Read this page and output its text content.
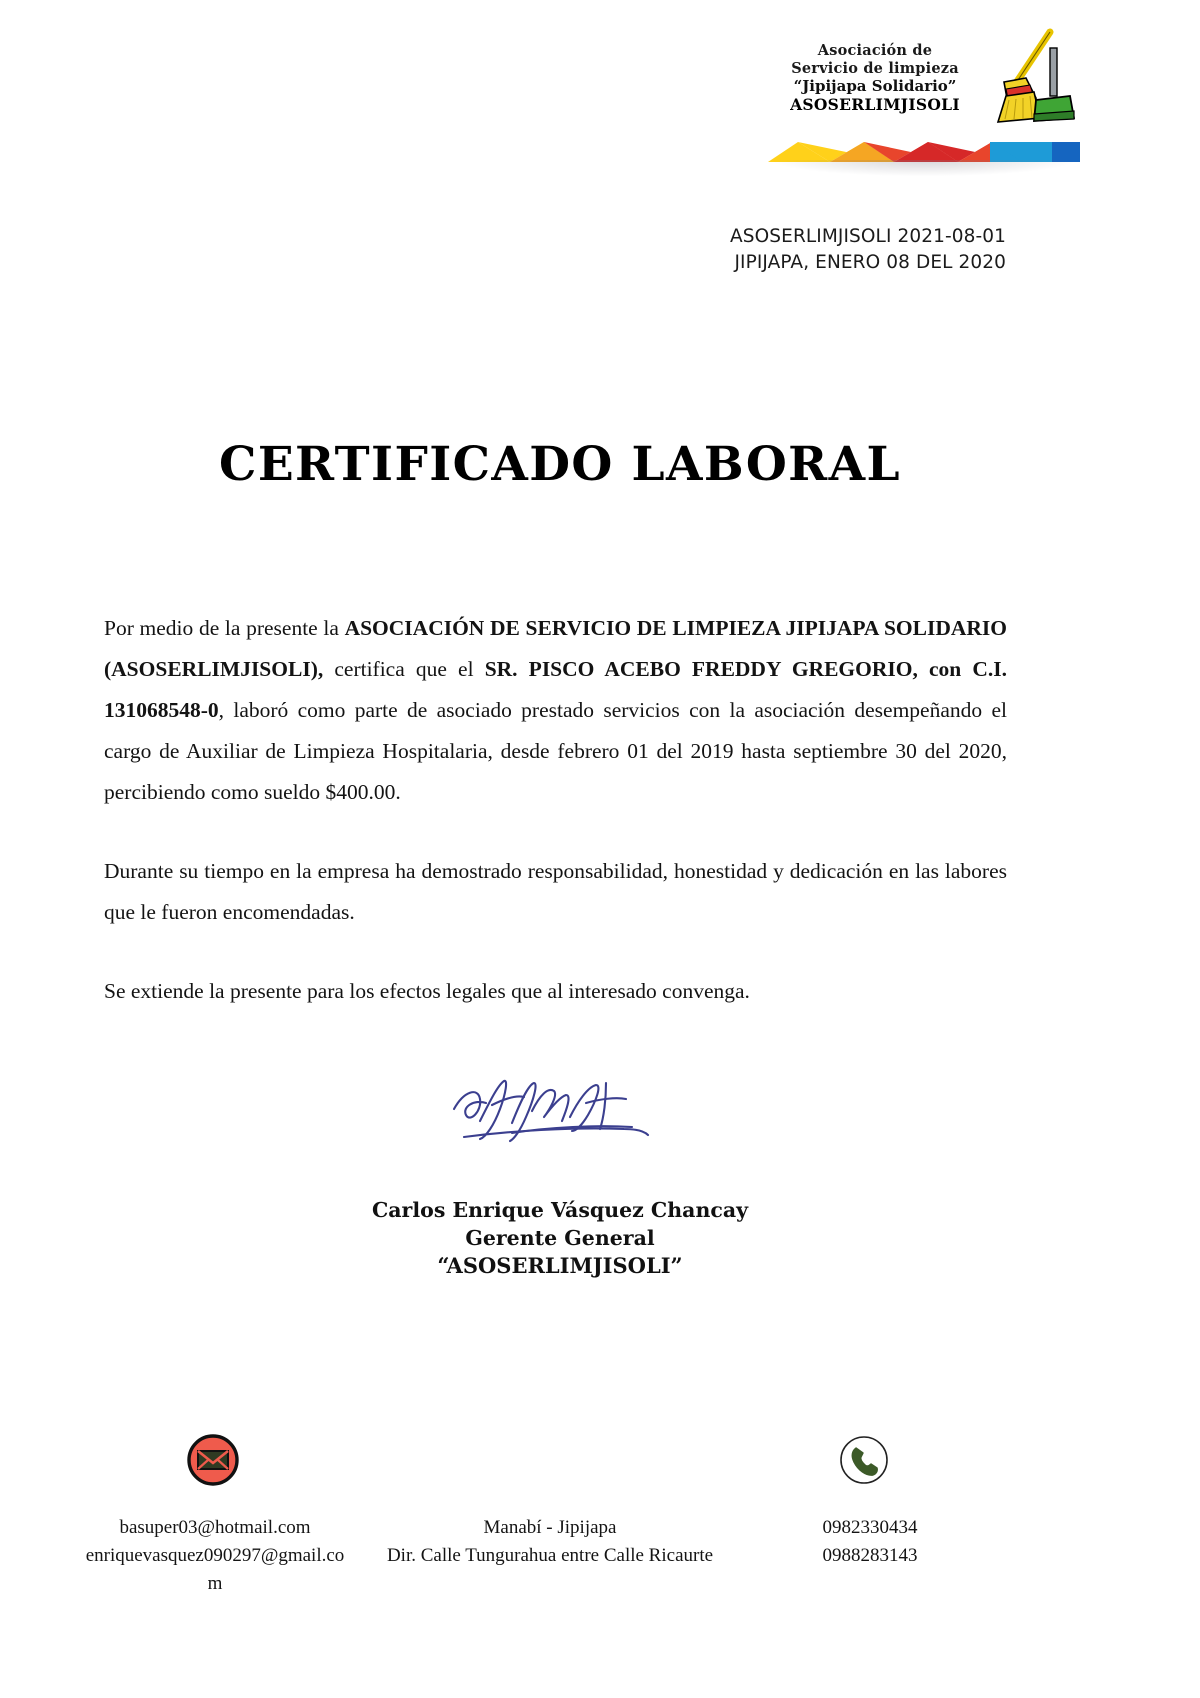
Asociación de
Servicio de limpieza
“Jipijapa Solidario”
ASOSERLIMJISOLI
ASOSERLIMJISOLI 2021-08-01
JIPIJAPA, ENERO 08 DEL 2020
CERTIFICADO LABORAL

Por medio de la presente la ASOCIACIÓN DE SERVICIO DE LIMPIEZA JIPIJAPA SOLIDARIO (ASOSERLIMJISOLI), certifica que el SR. PISCO ACEBO FREDDY GREGORIO, con C.I. 131068548-0, laboró como parte de asociado prestado servicios con la asociación desempeñando el cargo de Auxiliar de Limpieza Hospitalaria, desde febrero 01 del 2019 hasta septiembre 30 del 2020, percibiendo como sueldo $400.00.

Durante su tiempo en la empresa ha demostrado responsabilidad, honestidad y dedicación en las labores que le fueron encomendadas.

Se extiende la presente para los efectos legales que al interesado convenga.

Carlos Enrique Vásquez Chancay
Gerente General
“ASOSERLIMJISOLI”
basuper03@hotmail.com
enriquevasquez090297@gmail.co
m
Manabí - Jipijapa
Dir. Calle Tungurahua entre Calle Ricaurte
0982330434
0988283143
